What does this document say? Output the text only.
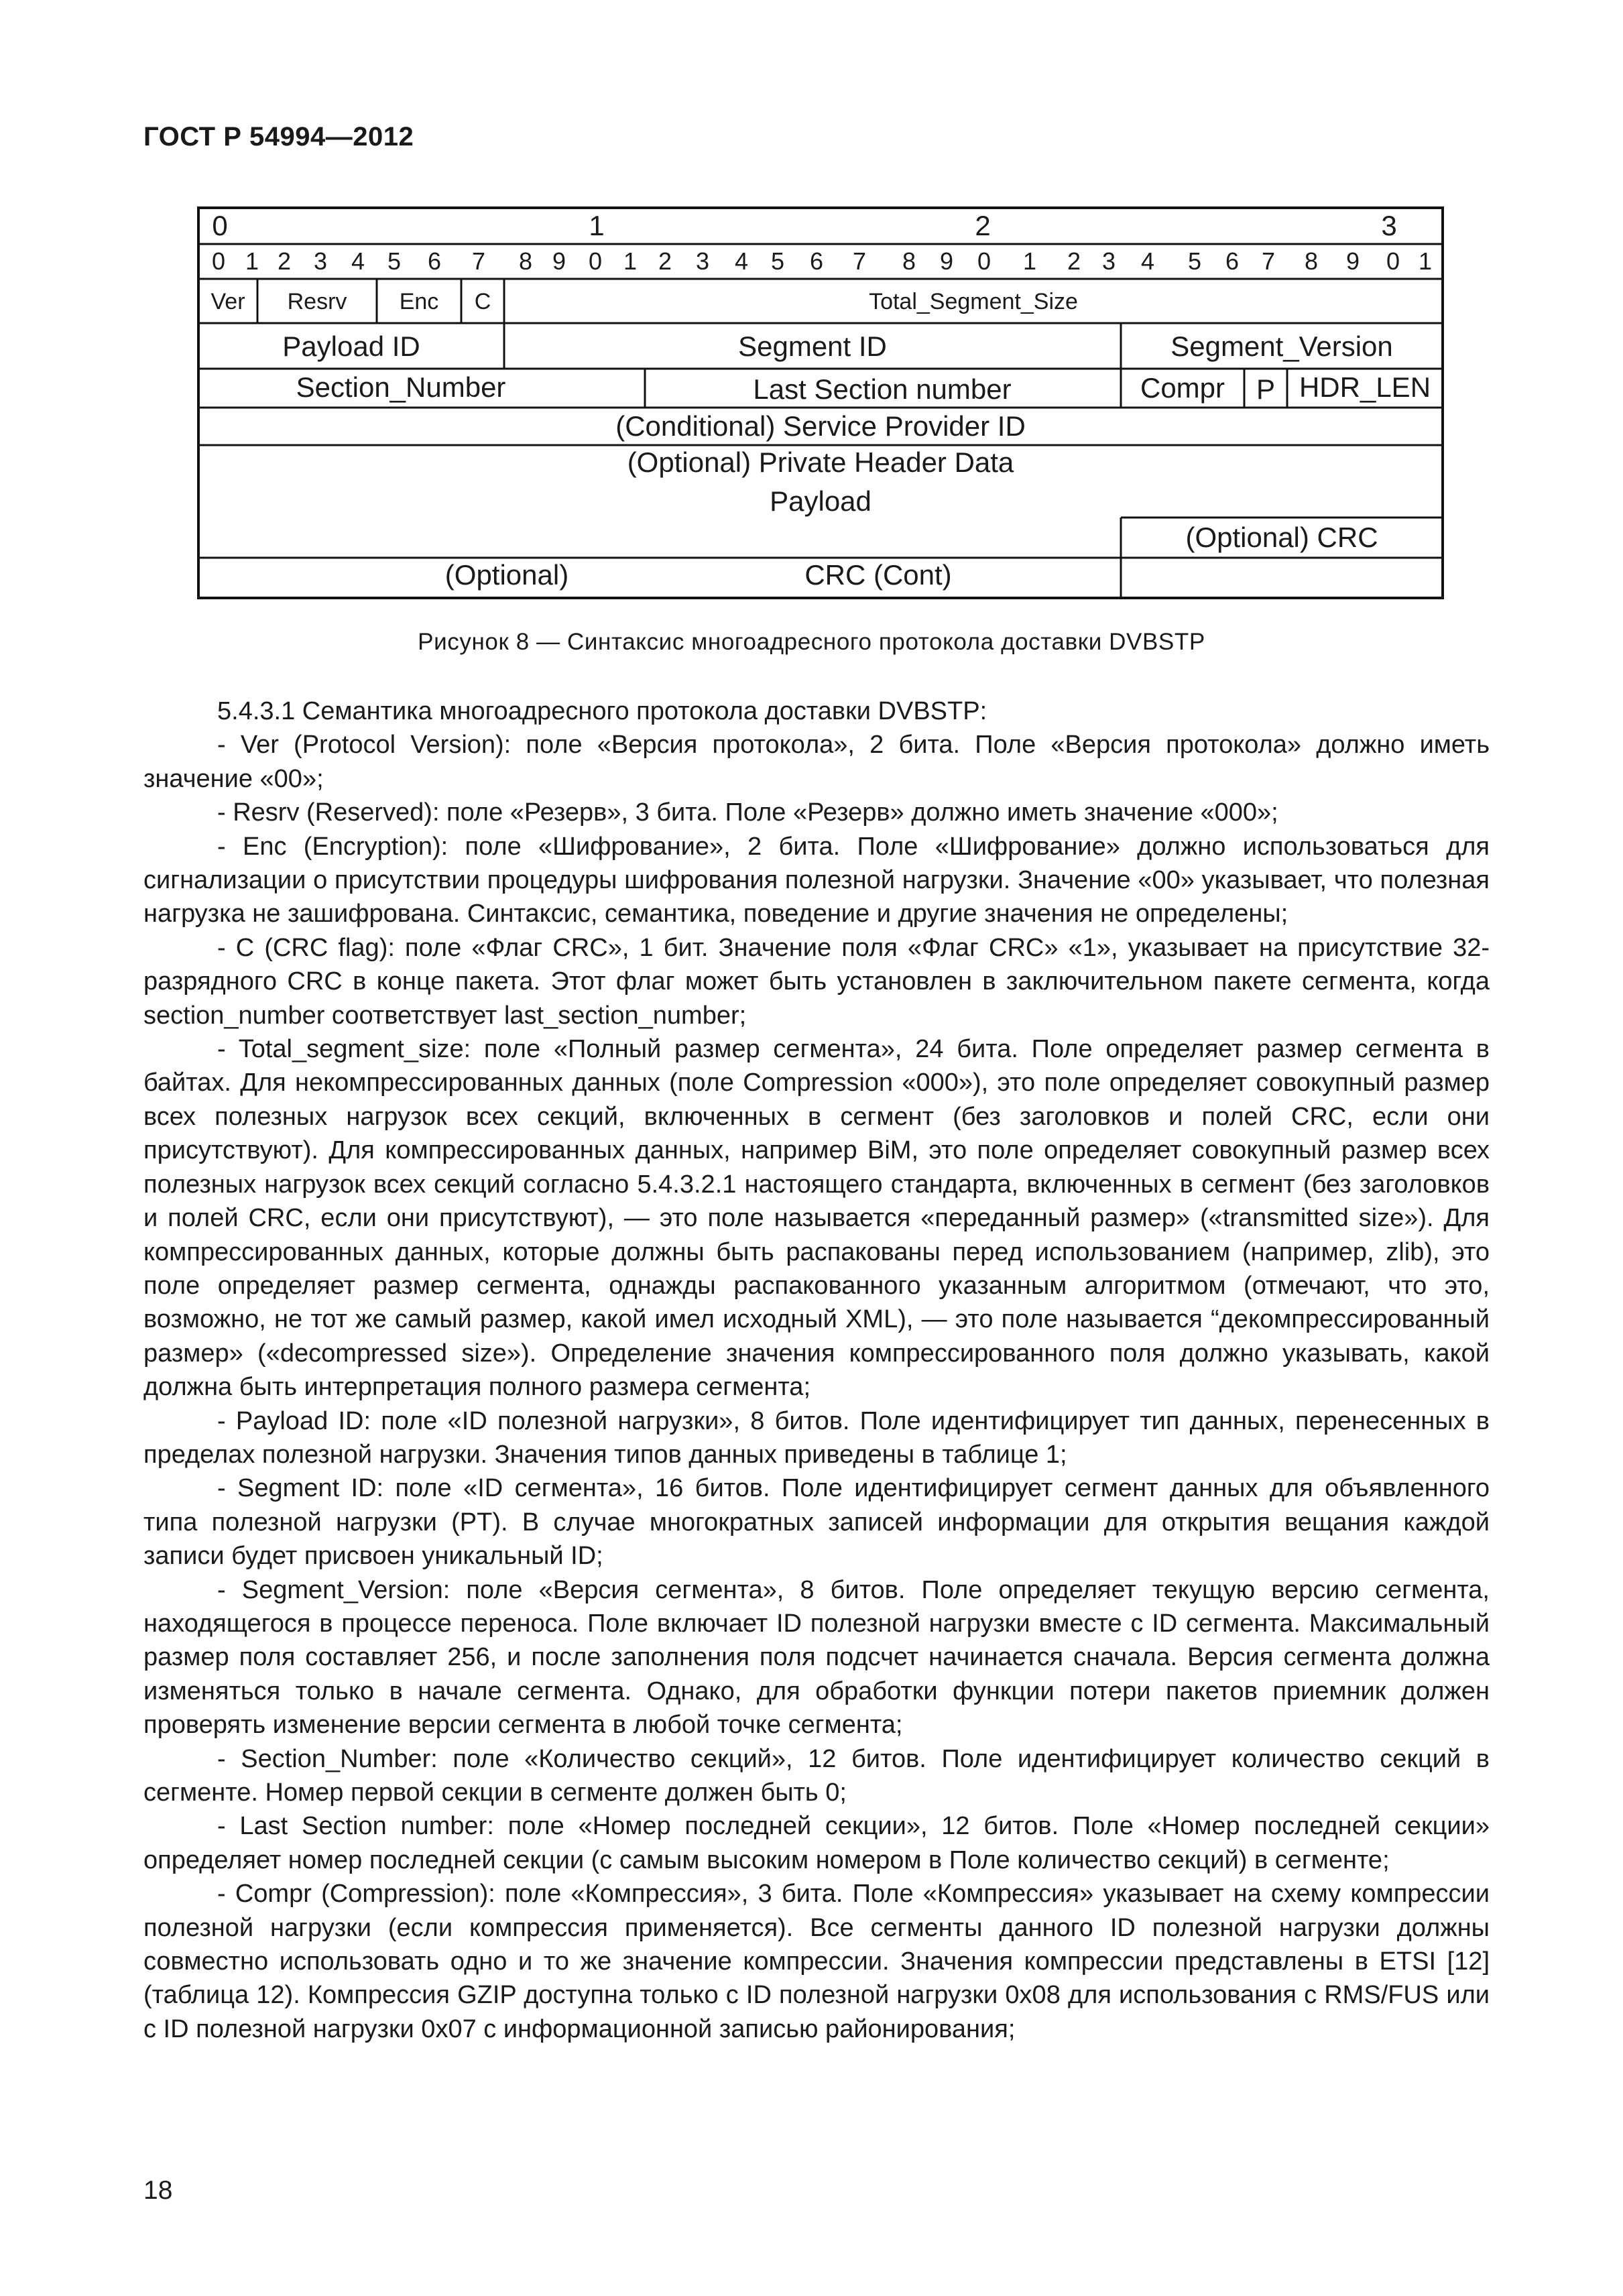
ГОСТ Р 54994—2012
0	1	2	3
0 1 2 3 4 5 6 7 8 9 0 1 2 3 4 5 6 7 8 9 0 1 2 3 4 5 6 7 8 9 0 1
Ver Resrv Enc C	Total_Segment_Size
Payload ID	Segment ID	Segment_Version
Section_Number	Last Section number	Compr P HDR_LEN
(Conditional) Service Provider ID
(Optional) Private Header Data
Payload
(Optional) CRC
(Optional)	CRC (Cont)
Рисунок 8 — Синтаксис многоадресного протокола доставки DVBSTP

5.4.3.1 Семантика многоадресного протокола доставки DVBSTP:

- Ver (Protocol Version): поле «Версия протокола», 2 бита. Поле «Версия протокола» должно иметь значение «00»;

- Resrv (Reserved): поле «Резерв», 3 бита. Поле «Резерв» должно иметь значение «000»;

- Enc (Encryption): поле «Шифрование», 2 бита. Поле «Шифрование» должно использоваться для сигнализации о присутствии процедуры шифрования полезной нагрузки. Значение «00» указывает, что полезная нагрузка не зашифрована. Синтаксис, семантика, поведение и другие значения не определены;

- C (CRC flag): поле «Флаг CRC», 1 бит. Значение поля «Флаг CRC» «1», указывает на присутствие 32-разрядного CRC в конце пакета. Этот флаг может быть установлен в заключительном пакете сегмента, когда section_number соответствует last_section_number;

- Total_segment_size: поле «Полный размер сегмента», 24 бита. Поле определяет размер сегмента в байтах. Для некомпрессированных данных (поле Compression «000»), это поле определяет совокупный размер всех полезных нагрузок всех секций, включенных в сегмент (без заголовков и полей CRC, если они присутствуют). Для компрессированных данных, например BiM, это поле определяет совокупный размер всех полезных нагрузок всех секций согласно 5.4.3.2.1 настоящего стандарта, включенных в сегмент (без заголовков и полей CRC, если они присутствуют), — это поле называется «переданный размер» («transmitted size»). Для компрессированных данных, которые должны быть распакованы перед использованием (например, zlib), это поле определяет размер сегмента, однажды распакованного указанным алгоритмом (отмечают, что это, возможно, не тот же самый размер, какой имел исходный XML), — это поле называется “декомпрессированный размер» («decompressed size»). Определение значения компрессированного поля должно указывать, какой должна быть интерпретация полного размера сегмента;

- Payload ID: поле «ID полезной нагрузки», 8 битов. Поле идентифицирует тип данных, перенесенных в пределах полезной нагрузки. Значения типов данных приведены в таблице 1;

- Segment ID: поле «ID сегмента», 16 битов. Поле идентифицирует сегмент данных для объявленного типа полезной нагрузки (PT). В случае многократных записей информации для открытия вещания каждой записи будет присвоен уникальный ID;

- Segment_Version: поле «Версия сегмента», 8 битов. Поле определяет текущую версию сегмента, находящегося в процессе переноса. Поле включает ID полезной нагрузки вместе с ID сегмента. Максимальный размер поля составляет 256, и после заполнения поля подсчет начинается сначала. Версия сегмента должна изменяться только в начале сегмента. Однако, для обработки функции потери пакетов приемник должен проверять изменение версии сегмента в любой точке сегмента;

- Section_Number: поле «Количество секций», 12 битов. Поле идентифицирует количество секций в сегменте. Номер первой секции в сегменте должен быть 0;

- Last Section number: поле «Номер последней секции», 12 битов. Поле «Номер последней секции» определяет номер последней секции (с самым высоким номером в Поле количество секций) в сегменте;

- Compr (Compression): поле «Компрессия», 3 бита. Поле «Компрессия» указывает на схему компрессии полезной нагрузки (если компрессия применяется). Все сегменты данного ID полезной нагрузки должны совместно использовать одно и то же значение компрессии. Значения компрессии представлены в ETSI [12] (таблица 12). Компрессия GZIP доступна только с ID полезной нагрузки 0x08 для использования с RMS/FUS или с ID полезной нагрузки 0x07 с информационной записью районирования;

18
